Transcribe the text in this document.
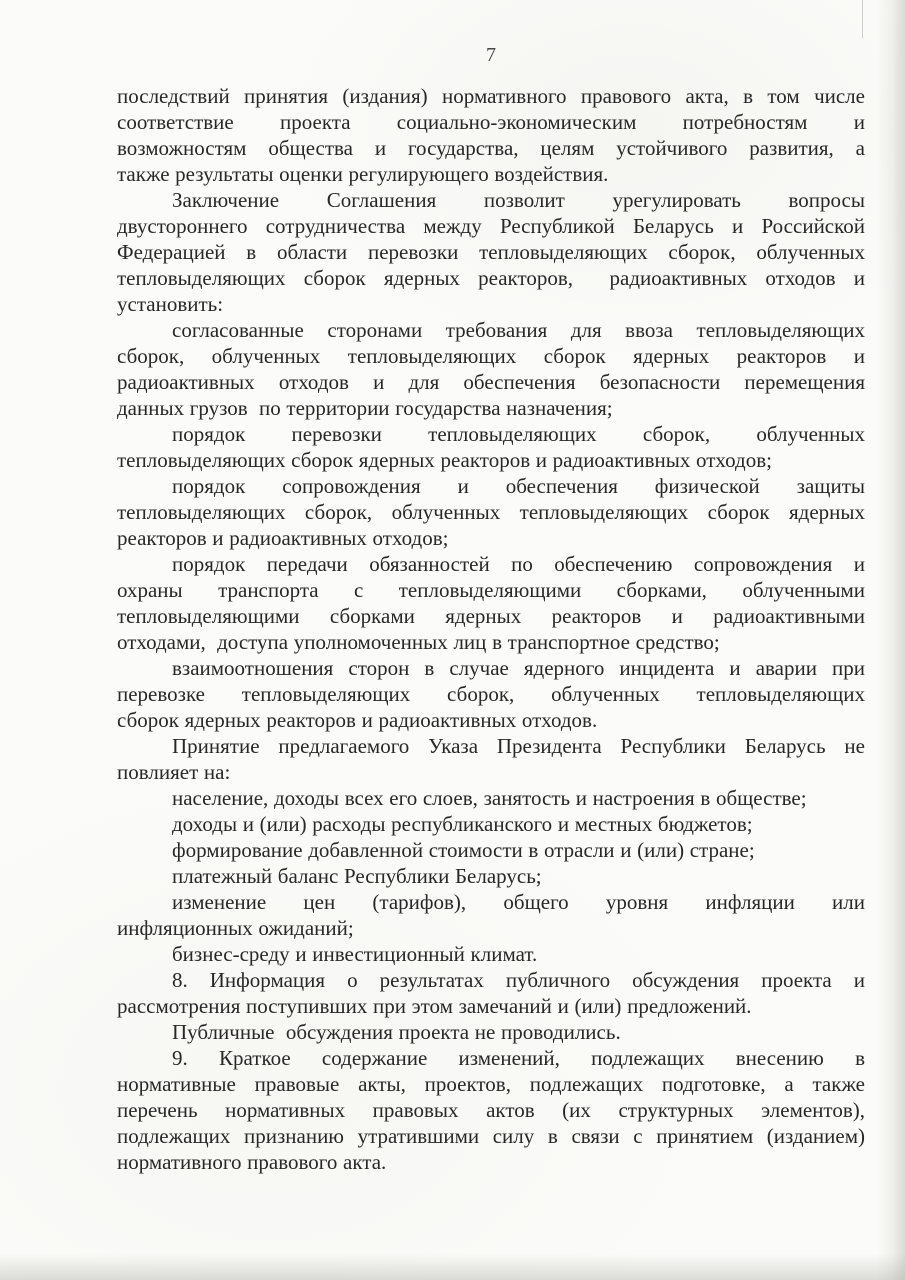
7
последствий принятия (издания) нормативного правового акта, в том числе
соответствие проекта социально-экономическим потребностям и
возможностям общества и государства, целям устойчивого развития, а
также результаты оценки регулирующего воздействия.
Заключение Соглашения позволит урегулировать вопросы
двустороннего сотрудничества между Республикой Беларусь и Российской
Федерацией в области перевозки тепловыделяющих сборок, облученных
тепловыделяющих сборок ядерных реакторов,  радиоактивных отходов и
установить:
согласованные сторонами требования для ввоза тепловыделяющих
сборок, облученных тепловыделяющих сборок ядерных реакторов и
радиоактивных отходов и для обеспечения безопасности перемещения
данных грузов  по территории государства назначения;
порядок перевозки тепловыделяющих сборок, облученных
тепловыделяющих сборок ядерных реакторов и радиоактивных отходов;
порядок сопровождения и обеспечения физической защиты
тепловыделяющих сборок, облученных тепловыделяющих сборок ядерных
реакторов и радиоактивных отходов;
порядок передачи обязанностей по обеспечению сопровождения и
охраны транспорта с тепловыделяющими сборками, облученными
тепловыделяющими сборками ядерных реакторов и радиоактивными
отходами,  доступа уполномоченных лиц в транспортное средство;
взаимоотношения сторон в случае ядерного инцидента и аварии при
перевозке тепловыделяющих сборок, облученных тепловыделяющих
сборок ядерных реакторов и радиоактивных отходов.
Принятие предлагаемого Указа Президента Республики Беларусь не
повлияет на:
население, доходы всех его слоев, занятость и настроения в обществе;
доходы и (или) расходы республиканского и местных бюджетов;
формирование добавленной стоимости в отрасли и (или) стране;
платежный баланс Республики Беларусь;
изменение цен (тарифов), общего уровня инфляции или
инфляционных ожиданий;
бизнес-среду и инвестиционный климат.
8. Информация о результатах публичного обсуждения проекта и
рассмотрения поступивших при этом замечаний и (или) предложений.
Публичные  обсуждения проекта не проводились.
9. Краткое содержание изменений, подлежащих внесению в
нормативные правовые акты, проектов, подлежащих подготовке, а также
перечень нормативных правовых актов (их структурных элементов),
подлежащих признанию утратившими силу в связи с принятием (изданием)
нормативного правового акта.
